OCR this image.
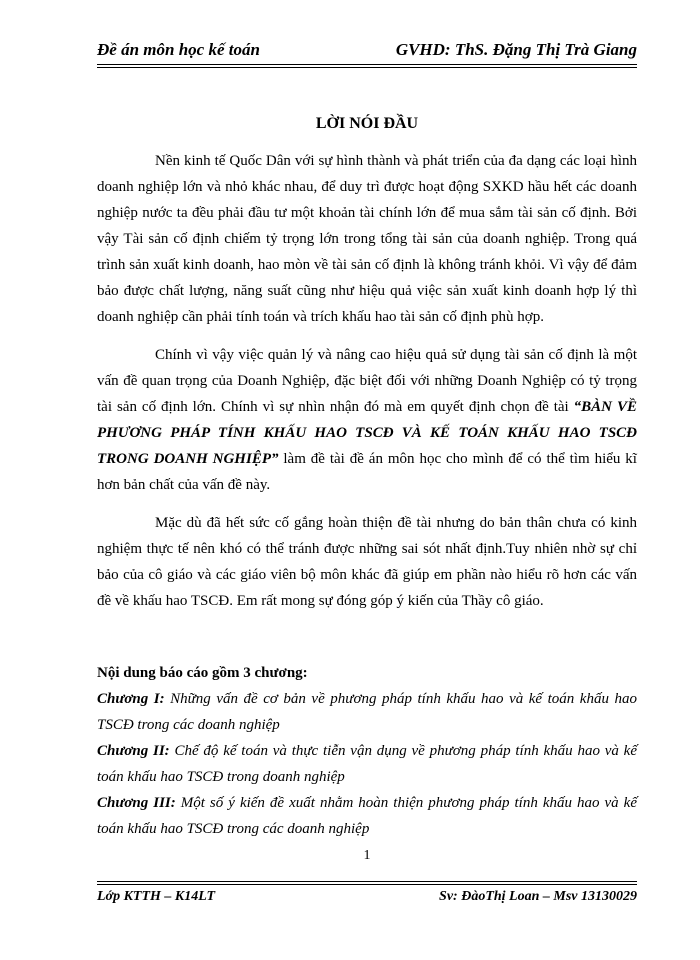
Đề án môn học kế toán	GVHD: ThS. Đặng Thị Trà Giang
LỜI NÓI ĐẦU

Nền kinh tế Quốc Dân với sự hình thành và phát triển của đa dạng các loại hình doanh nghiệp lớn và nhỏ khác nhau, để duy trì được hoạt động SXKD hầu hết các doanh nghiệp nước ta đều phải đầu tư một khoản tài chính lớn để mua sắm tài sản cố định. Bởi vậy Tài sản cố định chiếm tỷ trọng lớn trong tổng tài sản của doanh nghiệp. Trong quá trình sản xuất kinh doanh, hao mòn về tài sản cố định là không tránh khỏi. Vì vậy để đảm bảo được chất lượng, năng suất cũng như hiệu quả việc sản xuất kinh doanh hợp lý thì doanh nghiệp cần phải tính toán và trích khấu hao tài sản cố định phù hợp.

Chính vì vậy việc quản lý và nâng cao hiệu quả sử dụng tài sản cố định là một vấn đề quan trọng của Doanh Nghiệp, đặc biệt đối với những Doanh Nghiệp có tỷ trọng tài sản cố định lớn. Chính vì sự nhìn nhận đó mà em quyết định chọn đề tài “BÀN VỀ PHƯƠNG PHÁP TÍNH KHẤU HAO TSCĐ VÀ KẾ TOÁN KHẤU HAO TSCĐ TRONG DOANH NGHIỆP” làm đề tài đề án môn học cho mình để có thể tìm hiểu kĩ hơn bản chất của vấn đề này.

Mặc dù đã hết sức cố gắng hoàn thiện đề tài nhưng do bản thân chưa có kinh nghiệm thực tế nên khó có thể tránh được những sai sót nhất định.Tuy nhiên nhờ sự chỉ bảo của cô giáo và các giáo viên bộ môn khác đã giúp em phần nào hiểu rõ hơn các vấn đề về khấu hao TSCĐ. Em rất mong sự đóng góp ý kiến của Thầy cô giáo.

Nội dung báo cáo gồm 3 chương:
Chương I: Những vấn đề cơ bản về phương pháp tính khấu hao và kế toán khấu hao TSCĐ trong các doanh nghiệp
Chương II: Chế độ kế toán và thực tiễn vận dụng về phương pháp tính khấu hao và kế toán khấu hao TSCĐ trong doanh nghiệp
Chương III: Một số ý kiến đề xuất nhằm hoàn thiện phương pháp tính khấu hao và kế toán khấu hao TSCĐ trong các doanh nghiệp
1
Lớp KTTH – K14LT	Sv: ĐàoThị Loan – Msv 13130029
